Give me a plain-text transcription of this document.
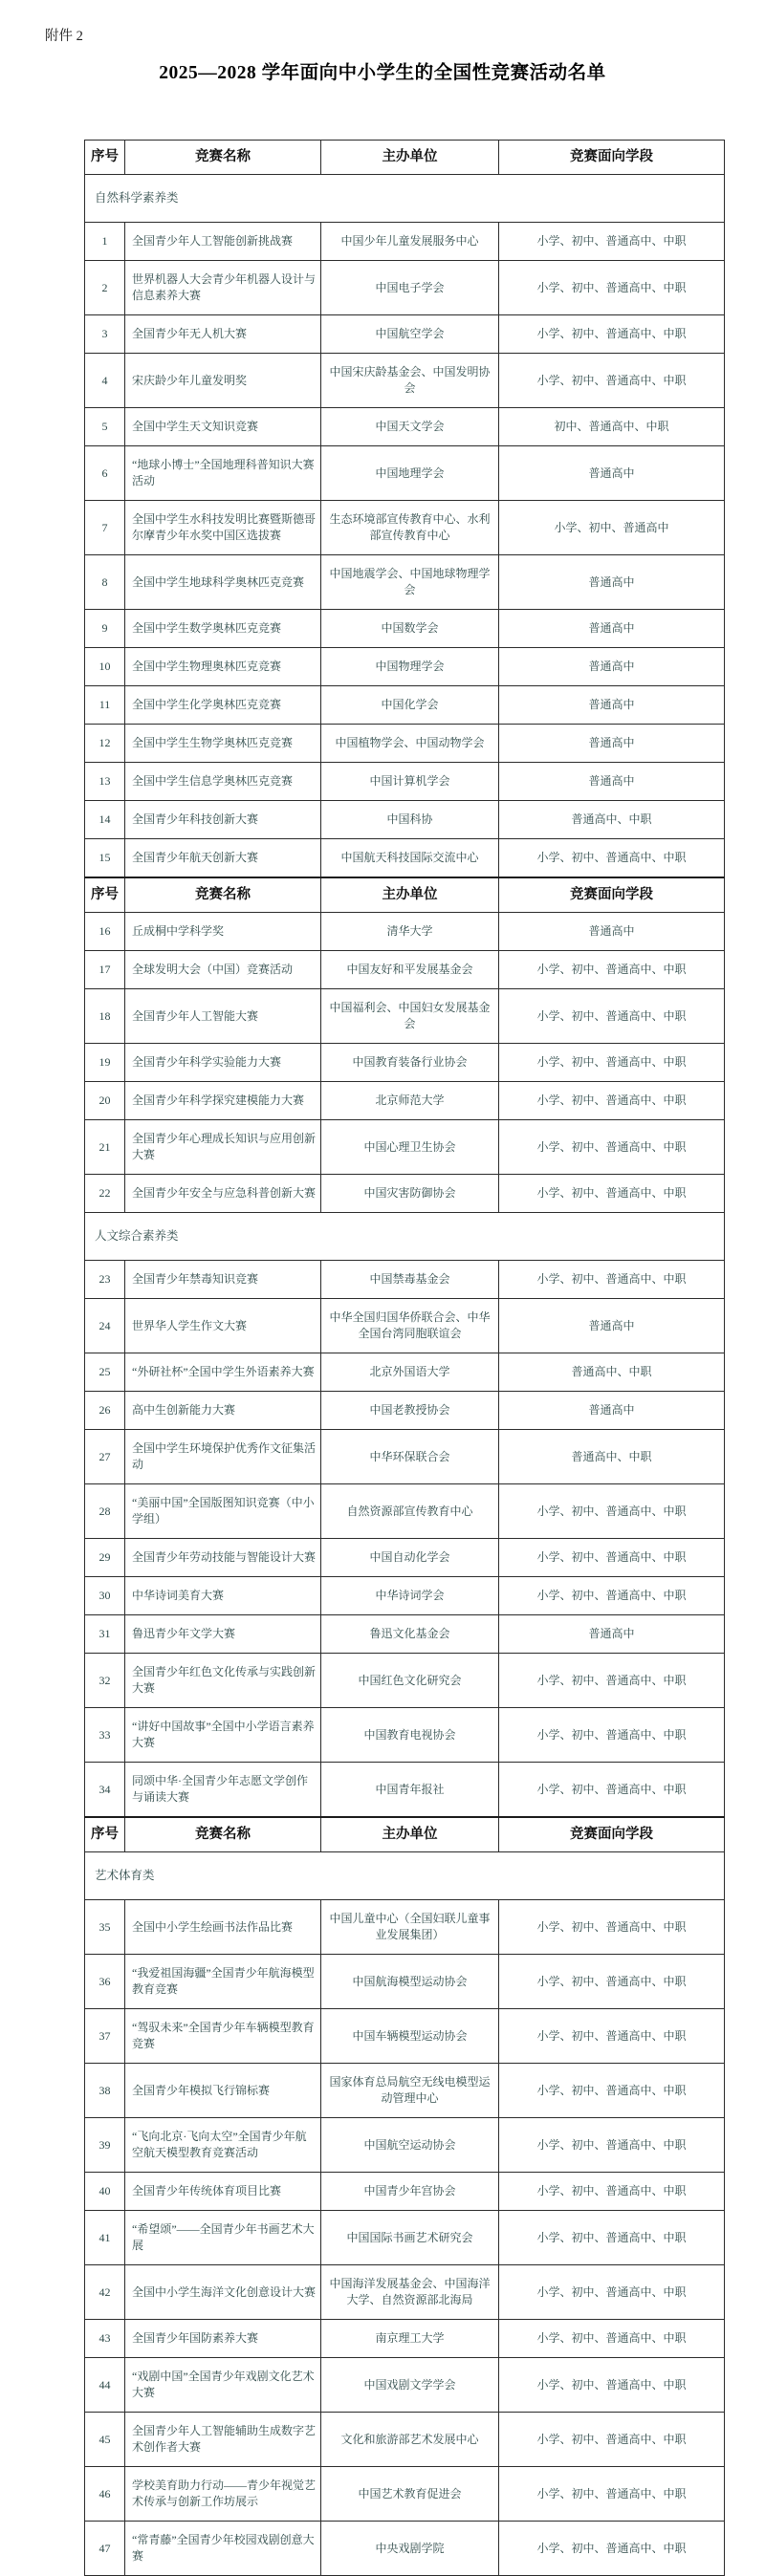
附件 2
2025—2028 学年面向中小学生的全国性竞赛活动名单
序号	竞赛名称	主办单位	竞赛面向学段
自然科学素养类			
1	全国青少年人工智能创新挑战赛	中国少年儿童发展服务中心	小学、初中、普通高中、中职
2	世界机器人大会青少年机器人设计与信息素养大赛	中国电子学会	小学、初中、普通高中、中职
3	全国青少年无人机大赛	中国航空学会	小学、初中、普通高中、中职
4	宋庆龄少年儿童发明奖	中国宋庆龄基金会、中国发明协会	小学、初中、普通高中、中职
5	全国中学生天文知识竞赛	中国天文学会	初中、普通高中、中职
6	“地球小博士”全国地理科普知识大赛活动	中国地理学会	普通高中
7	全国中学生水科技发明比赛暨斯德哥尔摩青少年水奖中国区选拔赛	生态环境部宣传教育中心、水利部宣传教育中心	小学、初中、普通高中
8	全国中学生地球科学奥林匹克竞赛	中国地震学会、中国地球物理学会	普通高中
9	全国中学生数学奥林匹克竞赛	中国数学会	普通高中
10	全国中学生物理奥林匹克竞赛	中国物理学会	普通高中
11	全国中学生化学奥林匹克竞赛	中国化学会	普通高中
12	全国中学生生物学奥林匹克竞赛	中国植物学会、中国动物学会	普通高中
13	全国中学生信息学奥林匹克竞赛	中国计算机学会	普通高中
14	全国青少年科技创新大赛	中国科协	普通高中、中职
15	全国青少年航天创新大赛	中国航天科技国际交流中心	小学、初中、普通高中、中职
序号	竞赛名称	主办单位	竞赛面向学段
16	丘成桐中学科学奖	清华大学	普通高中
17	全球发明大会（中国）竞赛活动	中国友好和平发展基金会	小学、初中、普通高中、中职
18	全国青少年人工智能大赛	中国福利会、中国妇女发展基金会	小学、初中、普通高中、中职
19	全国青少年科学实验能力大赛	中国教育装备行业协会	小学、初中、普通高中、中职
20	全国青少年科学探究建模能力大赛	北京师范大学	小学、初中、普通高中、中职
21	全国青少年心理成长知识与应用创新大赛	中国心理卫生协会	小学、初中、普通高中、中职
22	全国青少年安全与应急科普创新大赛	中国灾害防御协会	小学、初中、普通高中、中职
人文综合素养类			
23	全国青少年禁毒知识竞赛	中国禁毒基金会	小学、初中、普通高中、中职
24	世界华人学生作文大赛	中华全国归国华侨联合会、中华全国台湾同胞联谊会	普通高中
25	“外研社杯”全国中学生外语素养大赛	北京外国语大学	普通高中、中职
26	高中生创新能力大赛	中国老教授协会	普通高中
27	全国中学生环境保护优秀作文征集活动	中华环保联合会	普通高中、中职
28	“美丽中国”全国版图知识竞赛（中小学组）	自然资源部宣传教育中心	小学、初中、普通高中、中职
29	全国青少年劳动技能与智能设计大赛	中国自动化学会	小学、初中、普通高中、中职
30	中华诗词美育大赛	中华诗词学会	小学、初中、普通高中、中职
31	鲁迅青少年文学大赛	鲁迅文化基金会	普通高中
32	全国青少年红色文化传承与实践创新大赛	中国红色文化研究会	小学、初中、普通高中、中职
33	“讲好中国故事”全国中小学语言素养大赛	中国教育电视协会	小学、初中、普通高中、中职
34	同颂中华·全国青少年志愿文学创作与诵读大赛	中国青年报社	小学、初中、普通高中、中职
序号	竞赛名称	主办单位	竞赛面向学段
艺术体育类			
35	全国中小学生绘画书法作品比赛	中国儿童中心（全国妇联儿童事业发展集团）	小学、初中、普通高中、中职
36	“我爱祖国海疆”全国青少年航海模型教育竞赛	中国航海模型运动协会	小学、初中、普通高中、中职
37	“驾驭未来”全国青少年车辆模型教育竞赛	中国车辆模型运动协会	小学、初中、普通高中、中职
38	全国青少年模拟飞行锦标赛	国家体育总局航空无线电模型运动管理中心	小学、初中、普通高中、中职
39	“飞向北京·飞向太空”全国青少年航空航天模型教育竞赛活动	中国航空运动协会	小学、初中、普通高中、中职
40	全国青少年传统体育项目比赛	中国青少年宫协会	小学、初中、普通高中、中职
41	“希望颂”——全国青少年书画艺术大展	中国国际书画艺术研究会	小学、初中、普通高中、中职
42	全国中小学生海洋文化创意设计大赛	中国海洋发展基金会、中国海洋大学、自然资源部北海局	小学、初中、普通高中、中职
43	全国青少年国防素养大赛	南京理工大学	小学、初中、普通高中、中职
44	“戏剧中国”全国青少年戏剧文化艺术大赛	中国戏剧文学学会	小学、初中、普通高中、中职
45	全国青少年人工智能辅助生成数字艺术创作者大赛	文化和旅游部艺术发展中心	小学、初中、普通高中、中职
46	学校美育助力行动——青少年视觉艺术传承与创新工作坊展示	中国艺术教育促进会	小学、初中、普通高中、中职
47	“常青藤”全国青少年校园戏剧创意大赛	中央戏剧学院	小学、初中、普通高中、中职
